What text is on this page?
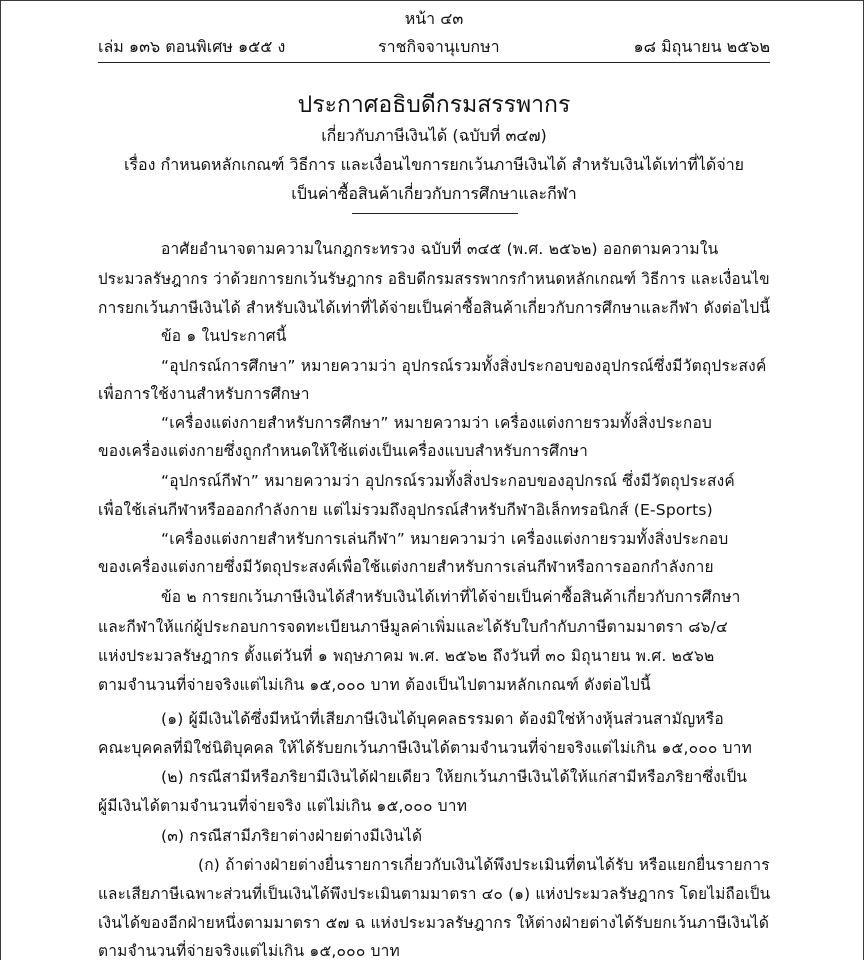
หน้า ๔๓
เล่ม ๑๓๖ ตอนพิเศษ ๑๕๕ ง	ราชกิจจานุเบกษา	๑๘ มิถุนายน ๒๕๖๒
ประกาศอธิบดีกรมสรรพากร
เกี่ยวกับภาษีเงินได้ (ฉบับที่ ๓๔๗)
เรื่อง กำหนดหลักเกณฑ์ วิธีการ และเงื่อนไขการยกเว้นภาษีเงินได้ สำหรับเงินได้เท่าที่ได้จ่าย
เป็นค่าซื้อสินค้าเกี่ยวกับการศึกษาและกีฬา
อาศัยอำนาจตามความในกฎกระทรวง ฉบับที่ ๓๔๕ (พ.ศ. ๒๕๖๒) ออกตามความใน
ประมวลรัษฎากร ว่าด้วยการยกเว้นรัษฎากร อธิบดีกรมสรรพากรกำหนดหลักเกณฑ์ วิธีการ และเงื่อนไข
การยกเว้นภาษีเงินได้ สำหรับเงินได้เท่าที่ได้จ่ายเป็นค่าซื้อสินค้าเกี่ยวกับการศึกษาและกีฬา ดังต่อไปนี้
ข้อ ๑ ในประกาศนี้
“อุปกรณ์การศึกษา” หมายความว่า อุปกรณ์รวมทั้งสิ่งประกอบของอุปกรณ์ซึ่งมีวัตถุประสงค์
เพื่อการใช้งานสำหรับการศึกษา
“เครื่องแต่งกายสำหรับการศึกษา” หมายความว่า เครื่องแต่งกายรวมทั้งสิ่งประกอบ
ของเครื่องแต่งกายซึ่งถูกกำหนดให้ใช้แต่งเป็นเครื่องแบบสำหรับการศึกษา
“อุปกรณ์กีฬา” หมายความว่า อุปกรณ์รวมทั้งสิ่งประกอบของอุปกรณ์ ซึ่งมีวัตถุประสงค์
เพื่อใช้เล่นกีฬาหรือออกกำลังกาย แต่ไม่รวมถึงอุปกรณ์สำหรับกีฬาอิเล็กทรอนิกส์ (E-Sports)
“เครื่องแต่งกายสำหรับการเล่นกีฬา” หมายความว่า เครื่องแต่งกายรวมทั้งสิ่งประกอบ
ของเครื่องแต่งกายซึ่งมีวัตถุประสงค์เพื่อใช้แต่งกายสำหรับการเล่นกีฬาหรือการออกกำลังกาย
ข้อ ๒ การยกเว้นภาษีเงินได้สำหรับเงินได้เท่าที่ได้จ่ายเป็นค่าซื้อสินค้าเกี่ยวกับการศึกษา
และกีฬาให้แก่ผู้ประกอบการจดทะเบียนภาษีมูลค่าเพิ่มและได้รับใบกำกับภาษีตามมาตรา ๘๖/๔
แห่งประมวลรัษฎากร ตั้งแต่วันที่ ๑ พฤษภาคม พ.ศ. ๒๕๖๒ ถึงวันที่ ๓๐ มิถุนายน พ.ศ. ๒๕๖๒
ตามจำนวนที่จ่ายจริงแต่ไม่เกิน ๑๕,๐๐๐ บาท ต้องเป็นไปตามหลักเกณฑ์ ดังต่อไปนี้
(๑) ผู้มีเงินได้ซึ่งมีหน้าที่เสียภาษีเงินได้บุคคลธรรมดา ต้องมิใช่ห้างหุ้นส่วนสามัญหรือ
คณะบุคคลที่มิใช่นิติบุคคล ให้ได้รับยกเว้นภาษีเงินได้ตามจำนวนที่จ่ายจริงแต่ไม่เกิน ๑๕,๐๐๐ บาท
(๒) กรณีสามีหรือภริยามีเงินได้ฝ่ายเดียว ให้ยกเว้นภาษีเงินได้ให้แก่สามีหรือภริยาซึ่งเป็น
ผู้มีเงินได้ตามจำนวนที่จ่ายจริง แต่ไม่เกิน ๑๕,๐๐๐ บาท
(๓) กรณีสามีภริยาต่างฝ่ายต่างมีเงินได้
(ก) ถ้าต่างฝ่ายต่างยื่นรายการเกี่ยวกับเงินได้พึงประเมินที่ตนได้รับ หรือแยกยื่นรายการ
และเสียภาษีเฉพาะส่วนที่เป็นเงินได้พึงประเมินตามมาตรา ๔๐ (๑) แห่งประมวลรัษฎากร โดยไม่ถือเป็น
เงินได้ของอีกฝ่ายหนึ่งตามมาตรา ๕๗ ฉ แห่งประมวลรัษฎากร ให้ต่างฝ่ายต่างได้รับยกเว้นภาษีเงินได้
ตามจำนวนที่จ่ายจริงแต่ไม่เกิน ๑๕,๐๐๐ บาท
